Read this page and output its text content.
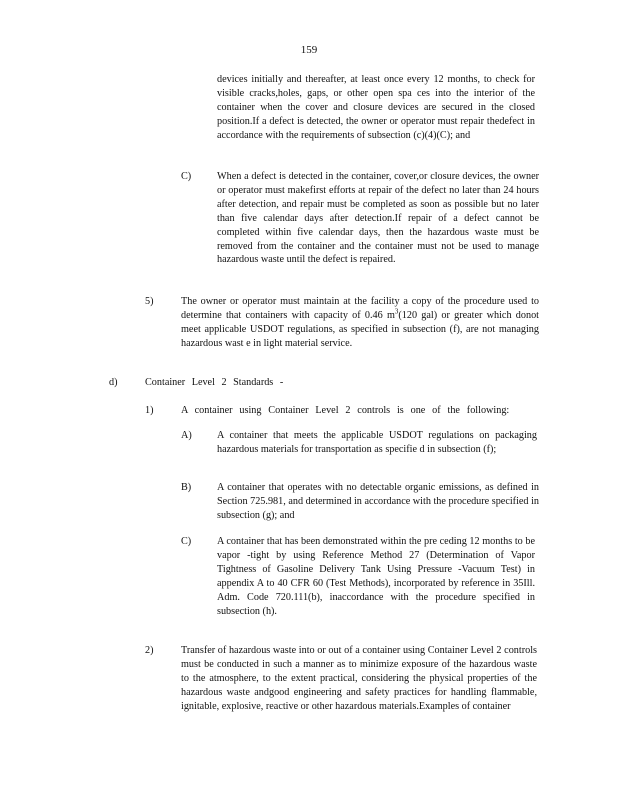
159

devices initially and thereafter, at least once every 12 months, to check for visible cracks,holes, gaps, or other open spa ces into the interior of the container when the cover and closure devices are secured in the closed position.If a defect is detected, the owner or operator must repair thedefect in accordance with the requirements of subsection (c)(4)(C); and

C)	When a defect is detected in the container, cover,or closure devices, the owner or operator must makefirst efforts at repair of the defect no later than 24 hours after detection, and repair must be completed as soon as possible but no later than five calendar days after detection.If repair of a defect cannot be completed within five calendar days, then the hazardous waste must be removed from the container and the container must not be used to manage hazardous waste until the defect is repaired.

5)	The owner or operator must maintain at the facility a copy of the procedure used to determine that containers with capacity of 0.46 $m^3(120$ gal) or greater which donot meet applicable USDOT regulations, as specified in subsection (f), are not managing hazardous wast e in light material service.

d)	Container Level 2 Standards -
1)	A container using Container Level 2 controls is one of the following:
A) A container that meets the applicable USDOT regulations on packaging hazardous materials for transportation as specifie d in subsection (f);

B)	A container that operates with no detectable organic emissions, as defined in Section 725.981, and determined in accordance with the procedure specified in subsection (g); and

C)	A container that has been demonstrated within the pre ceding 12 months to be vapor -tight by using Reference Method 27 (Determination of Vapor Tightness of Gasoline Delivery Tank Using Pressure -Vacuum Test) in appendix A to 40 CFR 60 (Test Methods), incorporated by reference in 35Ill. Adm. Code 720.111(b), inaccordance with the procedure specified in subsection (h).

2)	Transfer of hazardous waste into or out of a container using Container Level 2 controls must be conducted in such a manner as to minimize exposure of the hazardous waste to the atmosphere, to the extent practical, considering the physical properties of the hazardous waste andgood engineering and safety practices for handling flammable, ignitable, explosive, reactive or other hazardous materials.Examples of container
